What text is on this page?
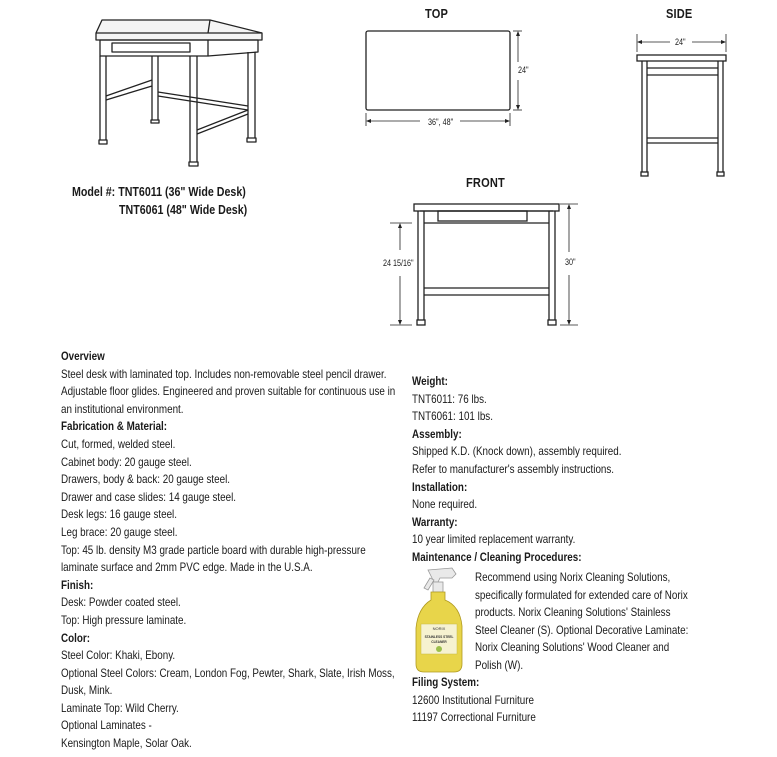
TOP
24"
36", 48"
SIDE
24"
FRONT
24 15/16"	30"
Model #: TNT6011 (36" Wide Desk)
TNT6061 (48" Wide Desk)

Overview

Steel desk with laminated top. Includes non-removable steel pencil drawer.

Adjustable floor glides. Engineered and proven suitable for continuous use in

an institutional environment.

Fabrication & Material:

Cut, formed, welded steel.

Cabinet body: 20 gauge steel.

Drawers, body & back: 20 gauge steel.

Drawer and case slides: 14 gauge steel.

Desk legs: 16 gauge steel.

Leg brace: 20 gauge steel.

Top: 45 lb. density M3 grade particle board with durable high-pressure

laminate surface and 2mm PVC edge. Made in the U.S.A.

Finish:

Desk: Powder coated steel.

Top: High pressure laminate.

Color:

Steel Color: Khaki, Ebony.

Optional Steel Colors: Cream, London Fog, Pewter, Shark, Slate, Irish Moss,

Dusk, Mink.

Laminate Top: Wild Cherry.

Optional Laminates -

Kensington Maple, Solar Oak.

Weight:

TNT6011: 76 lbs.

TNT6061: 101 lbs.

Assembly:

Shipped K.D. (Knock down), assembly required.

Refer to manufacturer's assembly instructions.

Installation:

None required.

Warranty:

10 year limited replacement warranty.

Maintenance / Cleaning Procedures:

NORIX
STAINLESS STEEL
CLEANER

Recommend using Norix Cleaning Solutions,

specifically formulated for extended care of Norix

products. Norix Cleaning Solutions' Stainless

Steel Cleaner (S). Optional Decorative Laminate:

Norix Cleaning Solutions' Wood Cleaner and

Polish (W).

Filing System:

12600 Institutional Furniture

11197 Correctional Furniture
